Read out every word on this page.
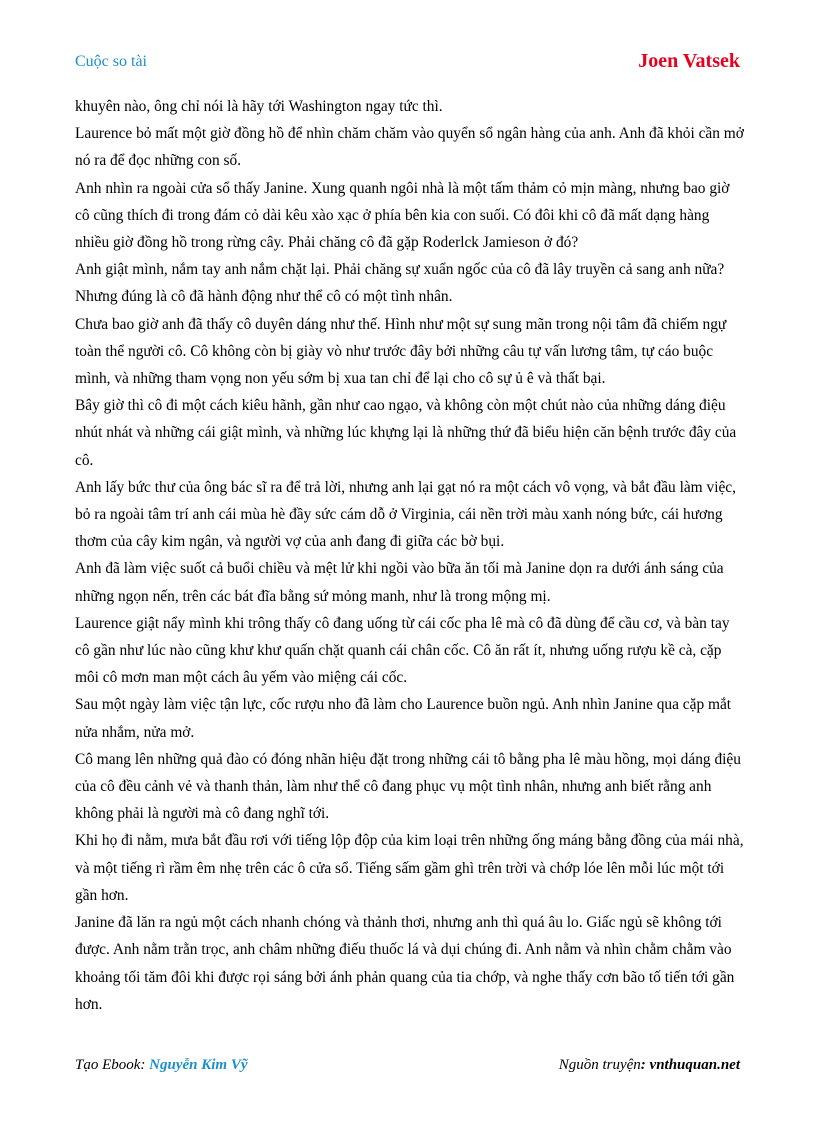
Cuộc so tài	Joen Vatsek

khuyên nào, ông chỉ nói là hãy tới Washington ngay tức thì.

Laurence bỏ mất một giờ đồng hồ để nhìn chăm chăm vào quyển sổ ngân hàng của anh. Anh đã khỏi cần mở nó ra để đọc những con số.

Anh nhìn ra ngoài cửa sổ thấy Janine. Xung quanh ngôi nhà là một tấm thảm cỏ mịn màng, nhưng bao giờ cô cũng thích đi trong đám cỏ dài kêu xào xạc ở phía bên kia con suối. Có đôi khi cô đã mất dạng hàng nhiều giờ đồng hồ trong rừng cây. Phải chăng cô đã gặp Roderlck Jamieson ở đó?

Anh giật mình, nắm tay anh nắm chặt lại. Phải chăng sự xuẩn ngốc của cô đã lây truyền cả sang anh nữa? Nhưng đúng là cô đã hành động như thể cô có một tình nhân.

Chưa bao giờ anh đã thấy cô duyên dáng như thế. Hình như một sự sung mãn trong nội tâm đã chiếm ngự toàn thể người cô. Cô không còn bị giày vò như trước đây bởi những câu tự vấn lương tâm, tự cáo buộc mình, và những tham vọng non yếu sớm bị xua tan chỉ để lại cho cô sự ủ ê và thất bại.

Bây giờ thì cô đi một cách kiêu hãnh, gần như cao ngạo, và không còn một chút nào của những dáng điệu nhút nhát và những cái giật mình, và những lúc khựng lại là những thứ đã biểu hiện căn bệnh trước đây của cô.

Anh lấy bức thư của ông bác sĩ ra để trả lời, nhưng anh lại gạt nó ra một cách vô vọng, và bắt đầu làm việc, bỏ ra ngoài tâm trí anh cái mùa hè đầy sức cám dỗ ở Virginia, cái nền trời màu xanh nóng bức, cái hương thơm của cây kim ngân, và người vợ của anh đang đi giữa các bờ bụi.

Anh đã làm việc suốt cả buổi chiều và mệt lử khi ngồi vào bữa ăn tối mà Janine dọn ra dưới ánh sáng của những ngọn nến, trên các bát đĩa bằng sứ mỏng manh, như là trong mộng mị.

Laurence giật nẩy mình khi trông thấy cô đang uống từ cái cốc pha lê mà cô đã dùng để cầu cơ, và bàn tay cô gần như lúc nào cũng khư khư quấn chặt quanh cái chân cốc. Cô ăn rất ít, nhưng uống rượu kề cà, cặp môi cô mơn man một cách âu yếm vào miệng cái cốc.

Sau một ngày làm việc tận lực, cốc rượu nho đã làm cho Laurence buồn ngủ. Anh nhìn Janine qua cặp mắt nửa nhắm, nửa mở.

Cô mang lên những quả đào có đóng nhãn hiệu đặt trong những cái tô bằng pha lê màu hồng, mọi dáng điệu của cô đều cảnh vẻ và thanh thản, làm như thể cô đang phục vụ một tình nhân, nhưng anh biết rằng anh không phải là người mà cô đang nghĩ tới.

Khi họ đi nằm, mưa bắt đầu rơi với tiếng lộp độp của kim loại trên những ống máng bằng đồng của mái nhà, và một tiếng rì rầm êm nhẹ trên các ô cửa sổ. Tiếng sấm gầm ghì trên trời và chớp lóe lên mỗi lúc một tới gần hơn.

Janine đã lăn ra ngủ một cách nhanh chóng và thảnh thơi, nhưng anh thì quá âu lo. Giấc ngủ sẽ không tới được. Anh nằm trằn trọc, anh châm những điếu thuốc lá và dụi chúng đi. Anh nằm và nhìn chằm chằm vào khoảng tối tăm đôi khi được rọi sáng bởi ánh phản quang của tia chớp, và nghe thấy cơn bão tố tiến tới gần hơn.

Tạo Ebook: Nguyễn Kim Vỹ	Nguồn truyện: vnthuquan.net
